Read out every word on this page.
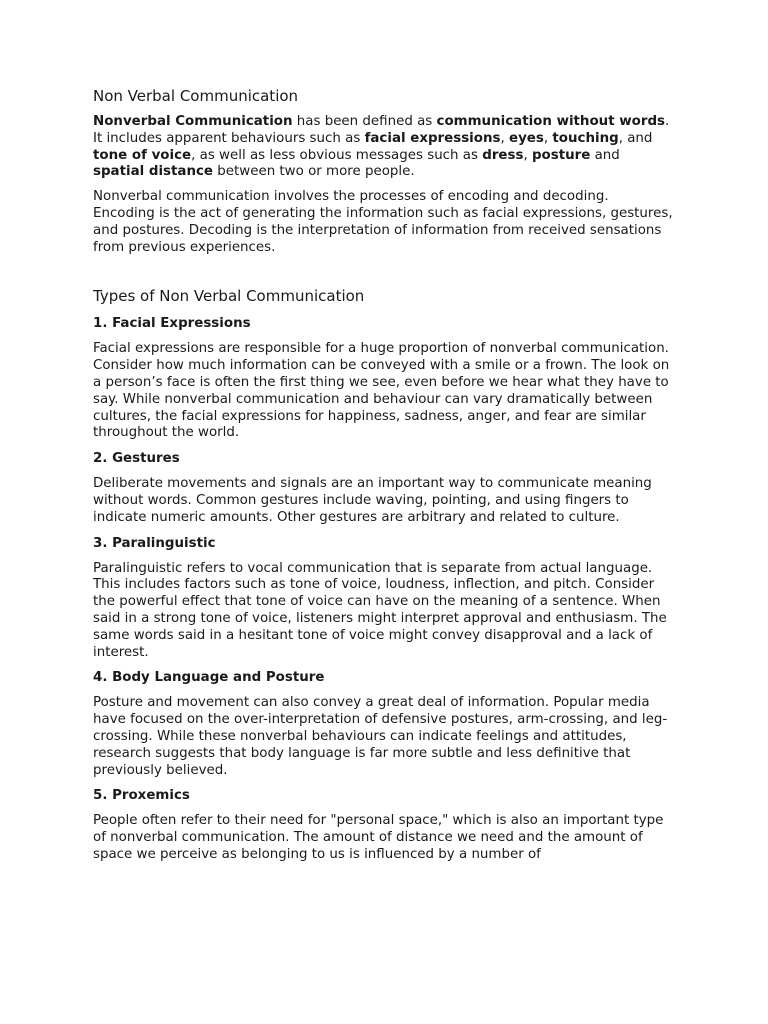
Non Verbal Communication

Nonverbal Communication has been defined as communication without words. It includes apparent behaviours such as facial expressions, eyes, touching, and tone of voice, as well as less obvious messages such as dress, posture and spatial distance between two or more people.

Nonverbal communication involves the processes of encoding and decoding. Encoding is the act of generating the information such as facial expressions, gestures, and postures. Decoding is the interpretation of information from received sensations from previous experiences.

Types of Non Verbal Communication
1. Facial Expressions

Facial expressions are responsible for a huge proportion of nonverbal communication. Consider how much information can be conveyed with a smile or a frown. The look on a person’s face is often the first thing we see, even before we hear what they have to say. While nonverbal communication and behaviour can vary dramatically between cultures, the facial expressions for happiness, sadness, anger, and fear are similar throughout the world.

2. Gestures

Deliberate movements and signals are an important way to communicate meaning without words. Common gestures include waving, pointing, and using fingers to indicate numeric amounts. Other gestures are arbitrary and related to culture.

3. Paralinguistic

Paralinguistic refers to vocal communication that is separate from actual language. This includes factors such as tone of voice, loudness, inflection, and pitch. Consider the powerful effect that tone of voice can have on the meaning of a sentence. When said in a strong tone of voice, listeners might interpret approval and enthusiasm. The same words said in a hesitant tone of voice might convey disapproval and a lack of interest.

4. Body Language and Posture

Posture and movement can also convey a great deal of information. Popular media have focused on the over-interpretation of defensive postures, arm-crossing, and leg-crossing. While these nonverbal behaviours can indicate feelings and attitudes, research suggests that body language is far more subtle and less definitive that previously believed.

5. Proxemics

People often refer to their need for "personal space," which is also an important type of nonverbal communication. The amount of distance we need and the amount of space we perceive as belonging to us is influenced by a number of
